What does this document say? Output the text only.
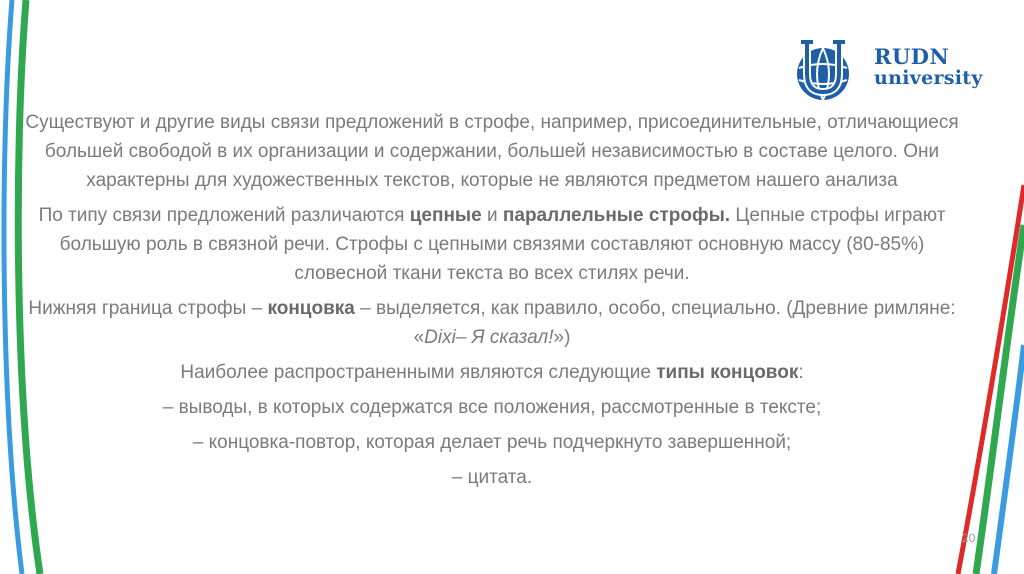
RUDN
university

Существуют и другие виды связи предложений в строфе, например, присоединительные, отличающиеся большей свободой в их организации и содержании, большей независимостью в составе целого. Они характерны для художественных текстов, которые не являются предметом нашего анализа

По типу связи предложений различаются цепные и параллельные строфы. Цепные строфы играют большую роль в связной речи. Строфы с цепными связями составляют основную массу (80-85%) словесной ткани текста во всех стилях речи.

Нижняя граница строфы – концовка – выделяется, как правило, особо, специально. (Древние римляне: «Dixi– Я сказал!»)

Наиболее распространенными являются следующие типы концовок:

– выводы, в которых содержатся все положения, рассмотренные в тексте;

– концовка-повтор, которая делает речь подчеркнуто завершенной;

– цитата.

20
